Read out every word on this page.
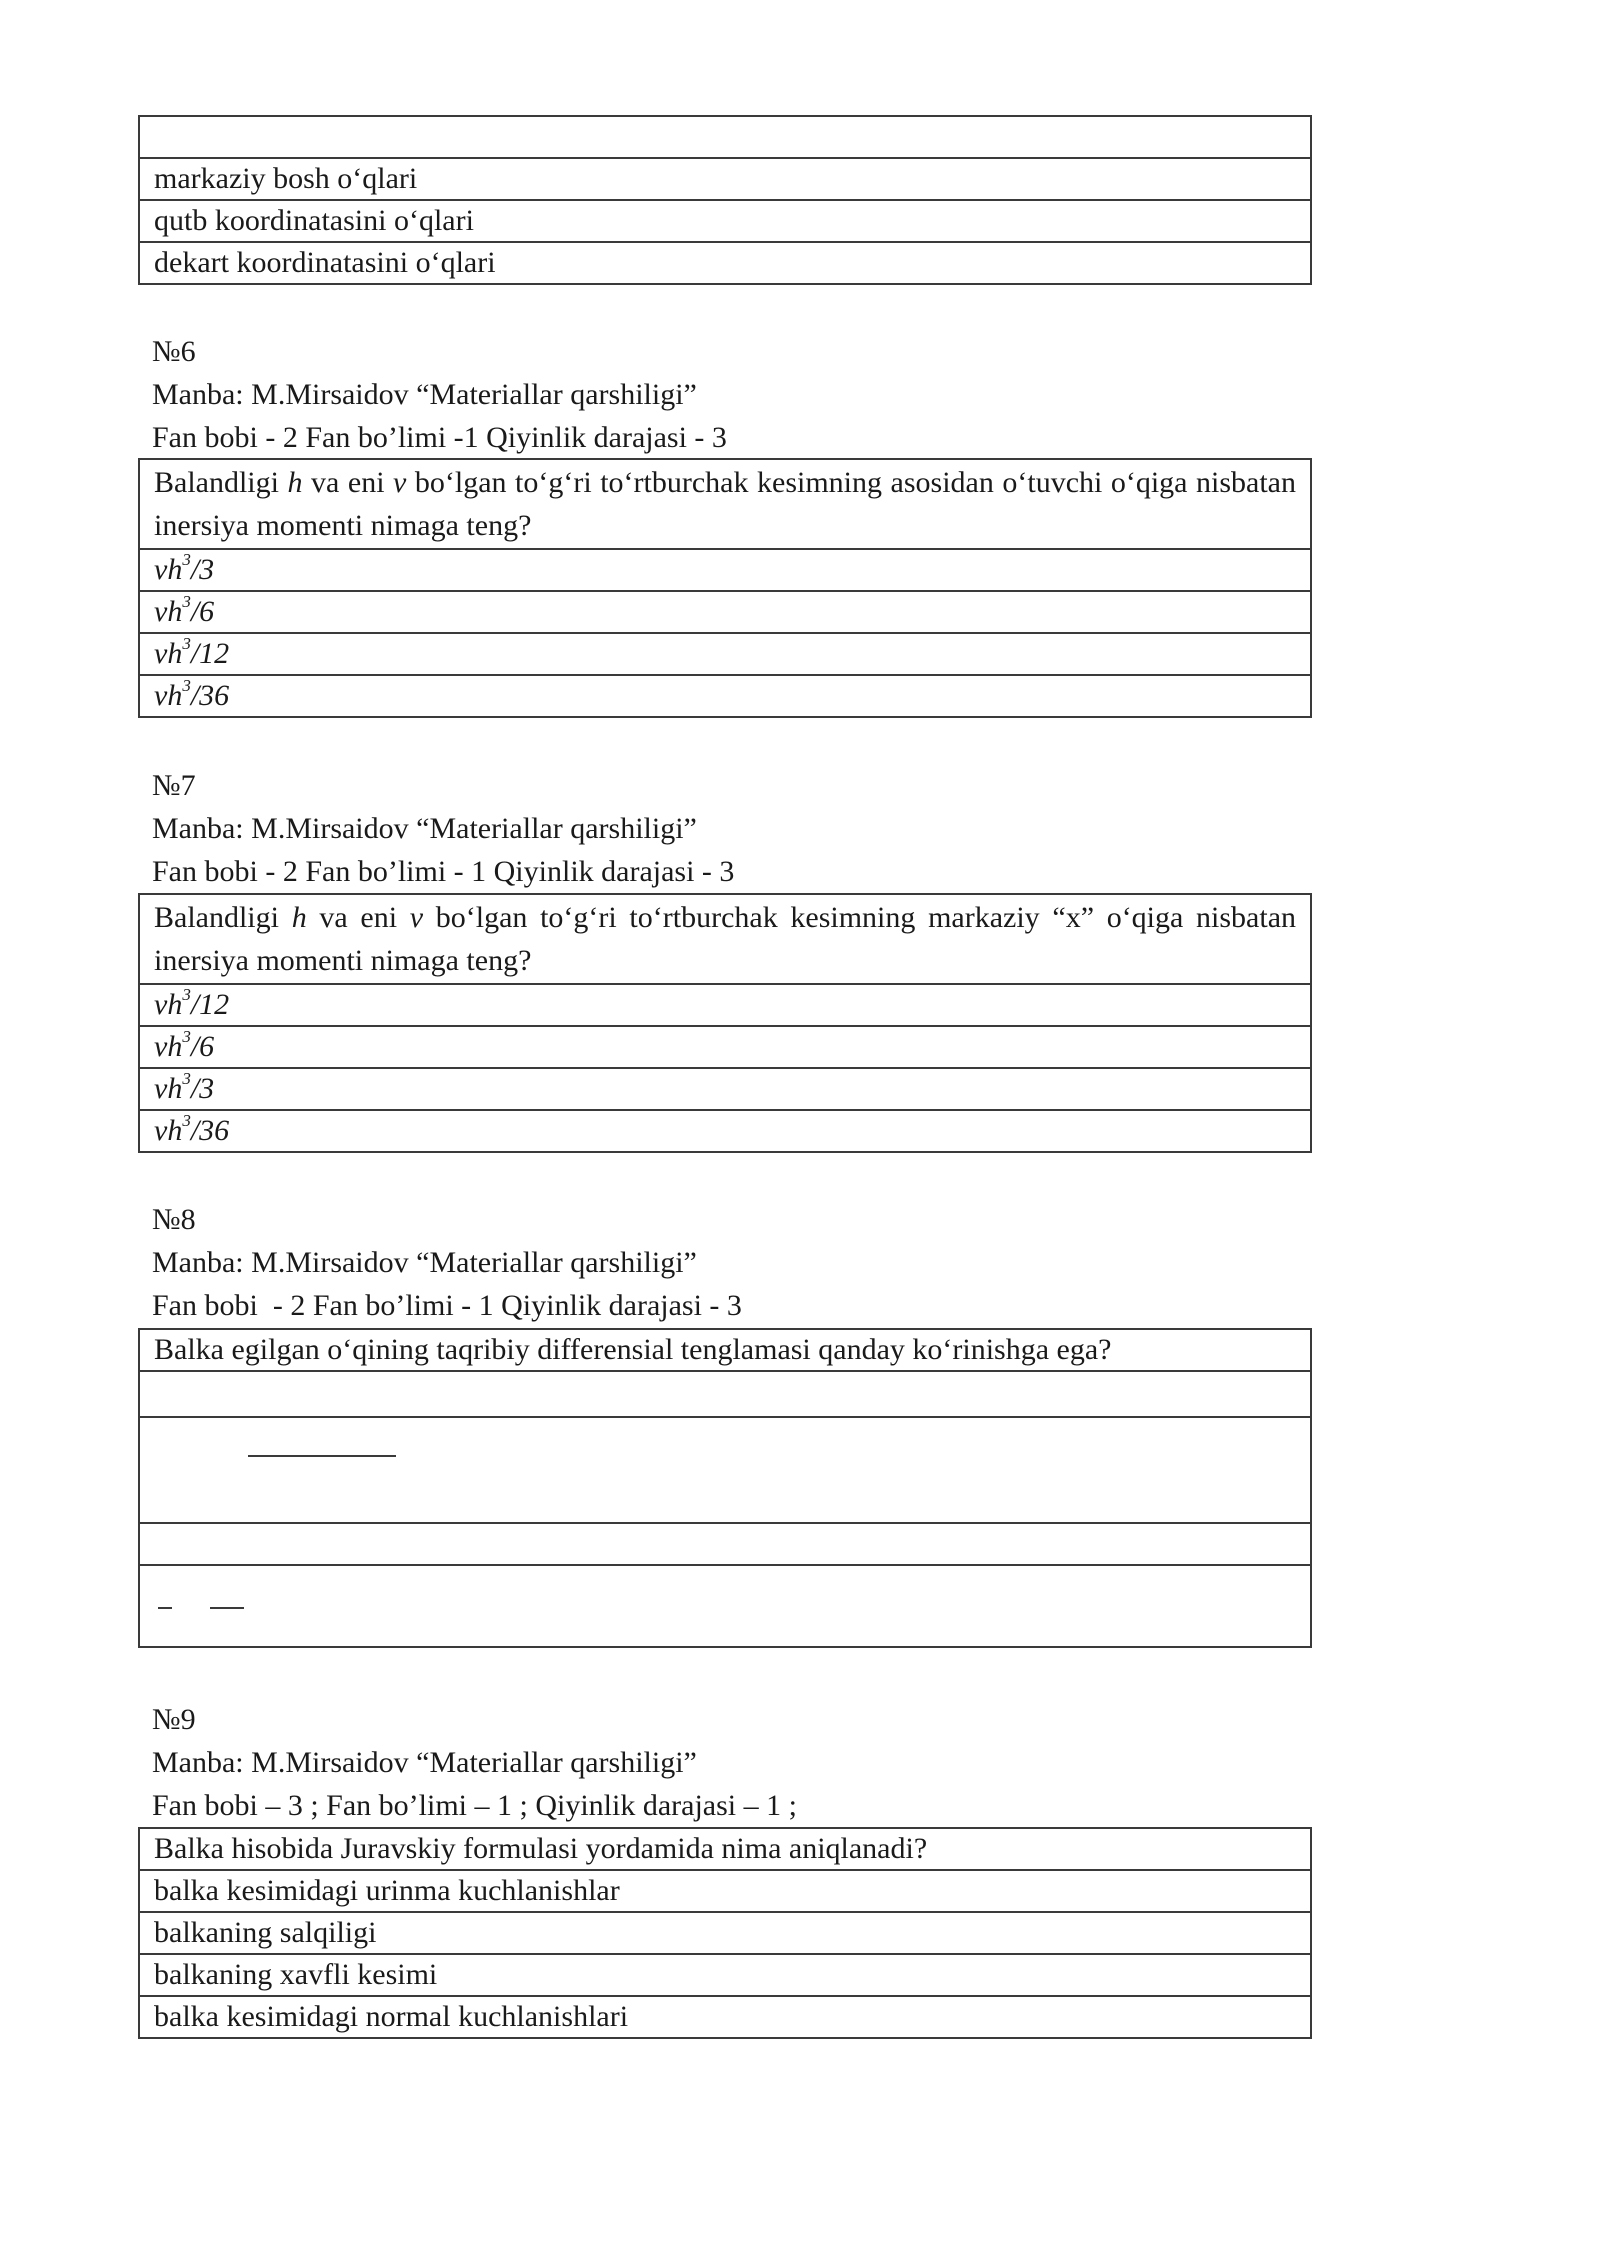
markaziy bosh o‘qlari
qutb koordinatasini o‘qlari
dekart koordinatasini o‘qlari
№6
Manba: M.Mirsaidov “Materiallar qarshiligi”
Fan bobi - 2 Fan bo’limi -1 Qiyinlik darajasi - 3
Balandligi h va eni v bo‘lgan to‘g‘ri to‘rtburchak kesimning asosidan o‘tuvchi o‘qiga nisbatan inersiya momenti nimaga teng?
$vh^3/3$
$vh^3/6$
$vh^3/12$
$vh^3/36$
№7
Manba: M.Mirsaidov “Materiallar qarshiligi”
Fan bobi - 2 Fan bo’limi - 1 Qiyinlik darajasi - 3
Balandligi h va eni v bo‘lgan to‘g‘ri to‘rtburchak kesimning markaziy “x” o‘qiga nisbatan inersiya momenti nimaga teng?
$vh^3/12$
$vh^3/6$
$vh^3/3$
$vh^3/36$
№8
Manba: M.Mirsaidov “Materiallar qarshiligi”
Fan bobi  - 2 Fan bo’limi - 1 Qiyinlik darajasi - 3
Balka egilgan o‘qining taqribiy differensial tenglamasi qanday ko‘rinishga ega?

№9
Manba: M.Mirsaidov “Materiallar qarshiligi”
Fan bobi – 3 ; Fan bo’limi – 1 ; Qiyinlik darajasi – 1 ;
Balka hisobida Juravskiy formulasi yordamida nima aniqlanadi?
balka kesimidagi urinma kuchlanishlar
balkaning salqiligi
balkaning xavfli kesimi
balka kesimidagi normal kuchlanishlari
